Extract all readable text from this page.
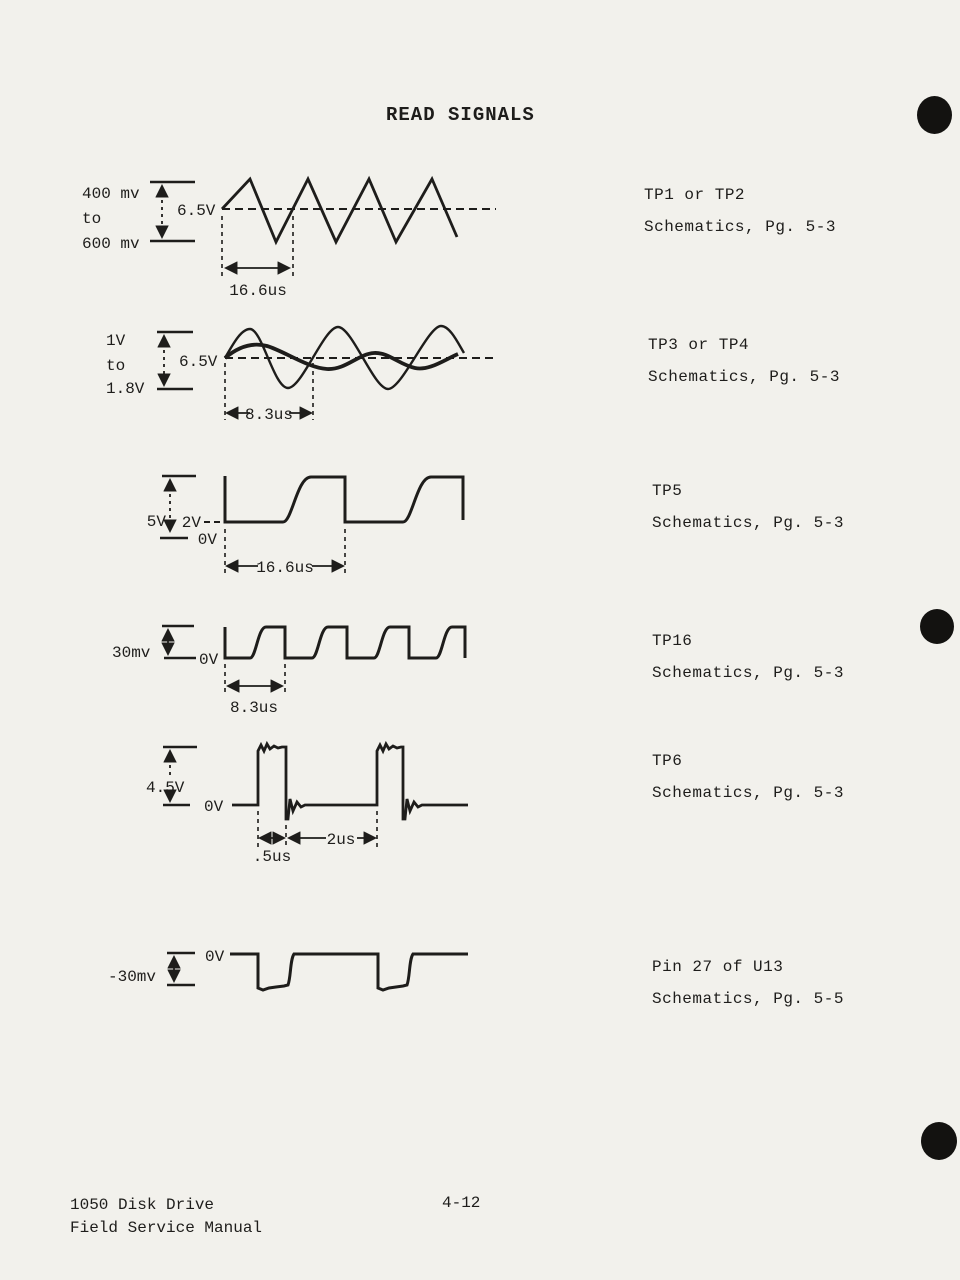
READ SIGNALS
400 mv
to
600 mv
6.5V
16.6us

TP1 or TP2

Schematics, Pg. 5-3

1V
to
1.8V
6.5V
8.3us

TP3 or TP4

Schematics, Pg. 5-3

5V 2V
0V
16.6us

TP5

Schematics, Pg. 5-3

30mv	0V
8.3us

TP16

Schematics, Pg. 5-3

4.5V
0V
2us
.5us

TP6

Schematics, Pg. 5-3

-30mv
0V

Pin 27 of U13

Schematics, Pg. 5-5

1050 Disk Drive
Field Service Manual
4-12
